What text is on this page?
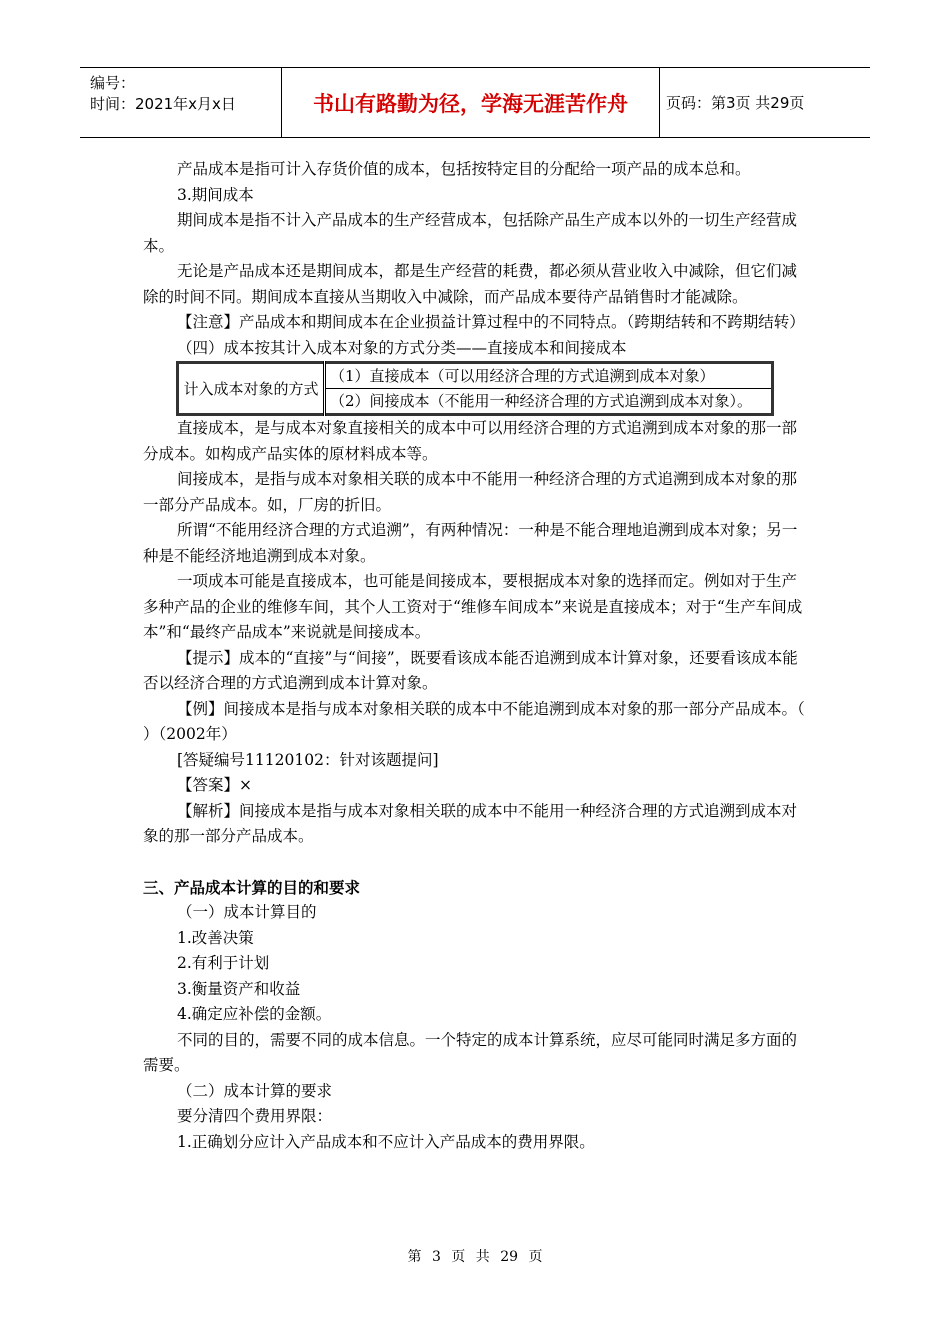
编号：
时间：2021年x月x日	书山有路勤为径，学海无涯苦作舟	页码：第3页 共29页

产品成本是指可计入存货价值的成本，包括按特定目的分配给一项产品的成本总和。

3.期间成本

期间成本是指不计入产品成本的生产经营成本，包括除产品生产成本以外的一切生产经营成本。

无论是产品成本还是期间成本，都是生产经营的耗费，都必须从营业收入中减除，但它们减除的时间不同。期间成本直接从当期收入中减除，而产品成本要待产品销售时才能减除。

【注意】产品成本和期间成本在企业损益计算过程中的不同特点。（跨期结转和不跨期结转）

（四）成本按其计入成本对象的方式分类——直接成本和间接成本

计入成本对象的方式	（1）直接成本（可以用经济合理的方式追溯到成本对象）
（2）间接成本（不能用一种经济合理的方式追溯到成本对象）。

直接成本，是与成本对象直接相关的成本中可以用经济合理的方式追溯到成本对象的那一部分成本。如构成产品实体的原材料成本等。

间接成本，是指与成本对象相关联的成本中不能用一种经济合理的方式追溯到成本对象的那一部分产品成本。如，厂房的折旧。

所谓“不能用经济合理的方式追溯”，有两种情况：一种是不能合理地追溯到成本对象；另一种是不能经济地追溯到成本对象。

一项成本可能是直接成本，也可能是间接成本，要根据成本对象的选择而定。例如对于生产多种产品的企业的维修车间，其个人工资对于“维修车间成本”来说是直接成本；对于“生产车间成本”和“最终产品成本”来说就是间接成本。

【提示】成本的“直接”与“间接”，既要看该成本能否追溯到成本计算对象，还要看该成本能否以经济合理的方式追溯到成本计算对象。

【例】间接成本是指与成本对象相关联的成本中不能追溯到成本对象的那一部分产品成本。（ ）（2002年）

[答疑编号11120102：针对该题提问]

【答案】×

【解析】间接成本是指与成本对象相关联的成本中不能用一种经济合理的方式追溯到成本对象的那一部分产品成本。

三、产品成本计算的目的和要求

（一）成本计算目的

1.改善决策

2.有利于计划

3.衡量资产和收益

4.确定应补偿的金额。

不同的目的，需要不同的成本信息。一个特定的成本计算系统，应尽可能同时满足多方面的需要。

（二）成本计算的要求

要分清四个费用界限：

1.正确划分应计入产品成本和不应计入产品成本的费用界限。

第 3 页 共 29 页
